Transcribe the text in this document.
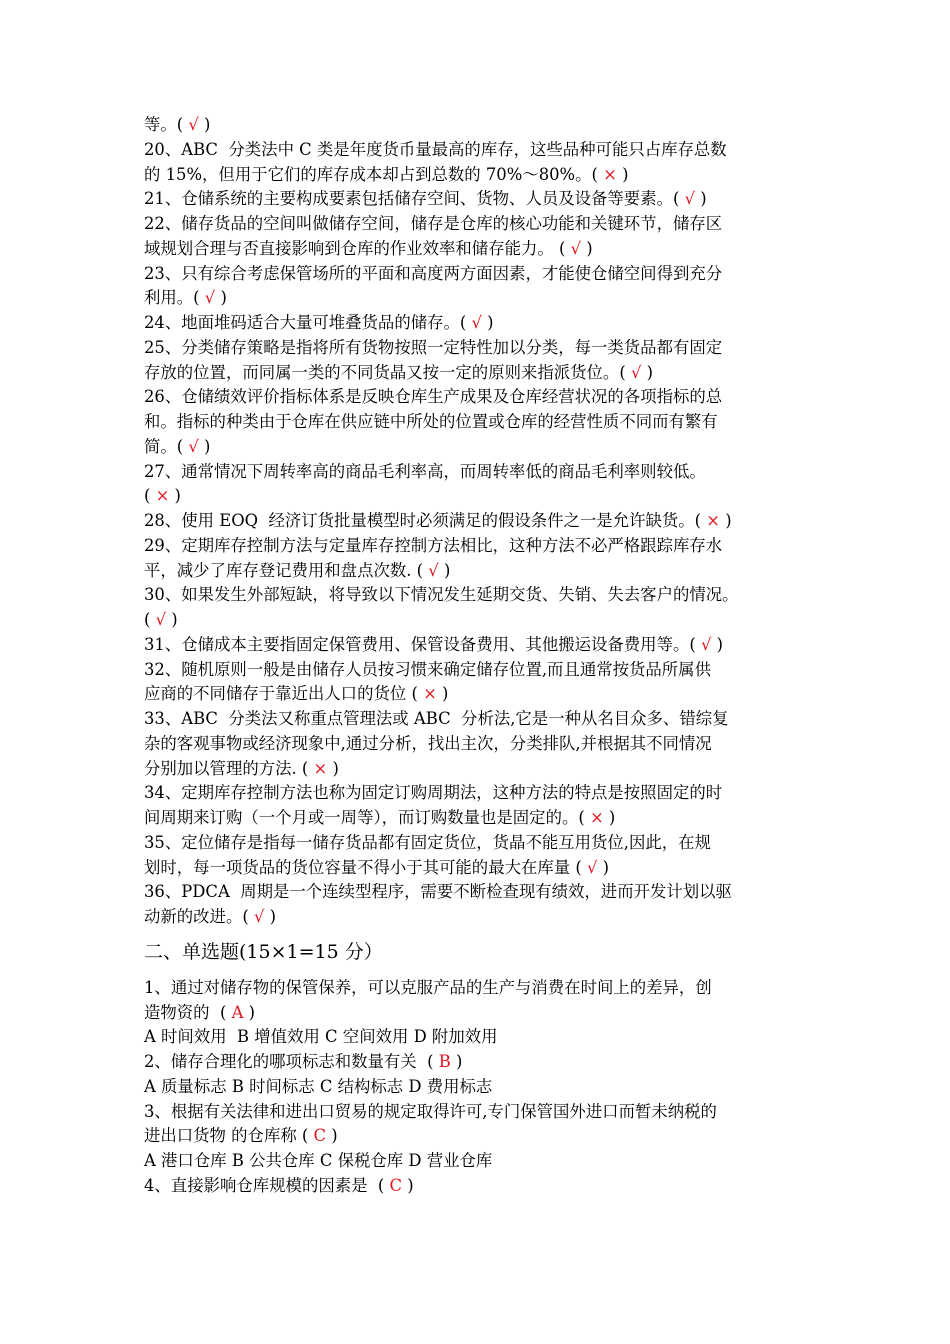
等。( √ )
20、ABC  分类法中 C 类是年度货币量最高的库存，这些品种可能只占库存总数
的 15%，但用于它们的库存成本却占到总数的 70%～80%。( × )
21、仓储系统的主要构成要素包括储存空间、货物、人员及设备等要素。( √ )
22、储存货品的空间叫做储存空间，储存是仓库的核心功能和关键环节，储存区
域规划合理与否直接影响到仓库的作业效率和储存能力。 ( √ )
23、只有综合考虑保管场所的平面和高度两方面因素，才能使仓储空间得到充分
利用。( √ )
24、地面堆码适合大量可堆叠货品的储存。( √ )
25、分类储存策略是指将所有货物按照一定特性加以分类，每一类货品都有固定
存放的位置，而同属一类的不同货晶又按一定的原则来指派货位。( √ )
26、仓储绩效评价指标体系是反映仓库生产成果及仓库经营状况的各项指标的总
和。指标的种类由于仓库在供应链中所处的位置或仓库的经营性质不同而有繁有
简。( √ )
27、通常情况下周转率高的商品毛利率高，而周转率低的商品毛利率则较低。
( × )
28、使用 EOQ  经济订货批量模型时必须满足的假设条件之一是允许缺货。( × )
29、定期库存控制方法与定量库存控制方法相比，这种方法不必严格跟踪库存水
平，减少了库存登记费用和盘点次数. ( √ )
30、如果发生外部短缺，将导致以下情况发生延期交货、失销、失去客户的情况。
( √ )
31、仓储成本主要指固定保管费用、保管设备费用、其他搬运设备费用等。( √ )
32、随机原则一般是由储存人员按习惯来确定储存位置,而且通常按货品所属供
应商的不同储存于靠近出人口的货位 ( × )
33、ABC  分类法又称重点管理法或 ABC  分析法,它是一种从名目众多、错综复
杂的客观事物或经济现象中,通过分析，找出主次，分类排队,并根据其不同情况
分别加以管理的方法. ( × )
34、定期库存控制方法也称为固定订购周期法，这种方法的特点是按照固定的时
间周期来订购（一个月或一周等），而订购数量也是固定的。( × )
35、定位储存是指每一储存货品都有固定货位，货晶不能互用货位,因此，在规
划时，每一项货品的货位容量不得小于其可能的最大在库量 ( √ )
36、PDCA  周期是一个连续型程序，需要不断检查现有绩效，进而开发计划以驱
动新的改进。( √ )
二、单选题(15×1=15 分）
1、通过对储存物的保管保养，可以克服产品的生产与消费在时间上的差异，创
造物资的  ( A )
A 时间效用  B 增值效用 C 空间效用 D 附加效用
2、储存合理化的哪项标志和数量有关  ( B )
A 质量标志 B 时间标志 C 结构标志 D 费用标志
3、根据有关法律和进出口贸易的规定取得许可,专门保管国外进口而暂未纳税的
进出口货物 的仓库称 ( C )
A 港口仓库 B 公共仓库 C 保税仓库 D 营业仓库
4、直接影响仓库规模的因素是  ( C )
